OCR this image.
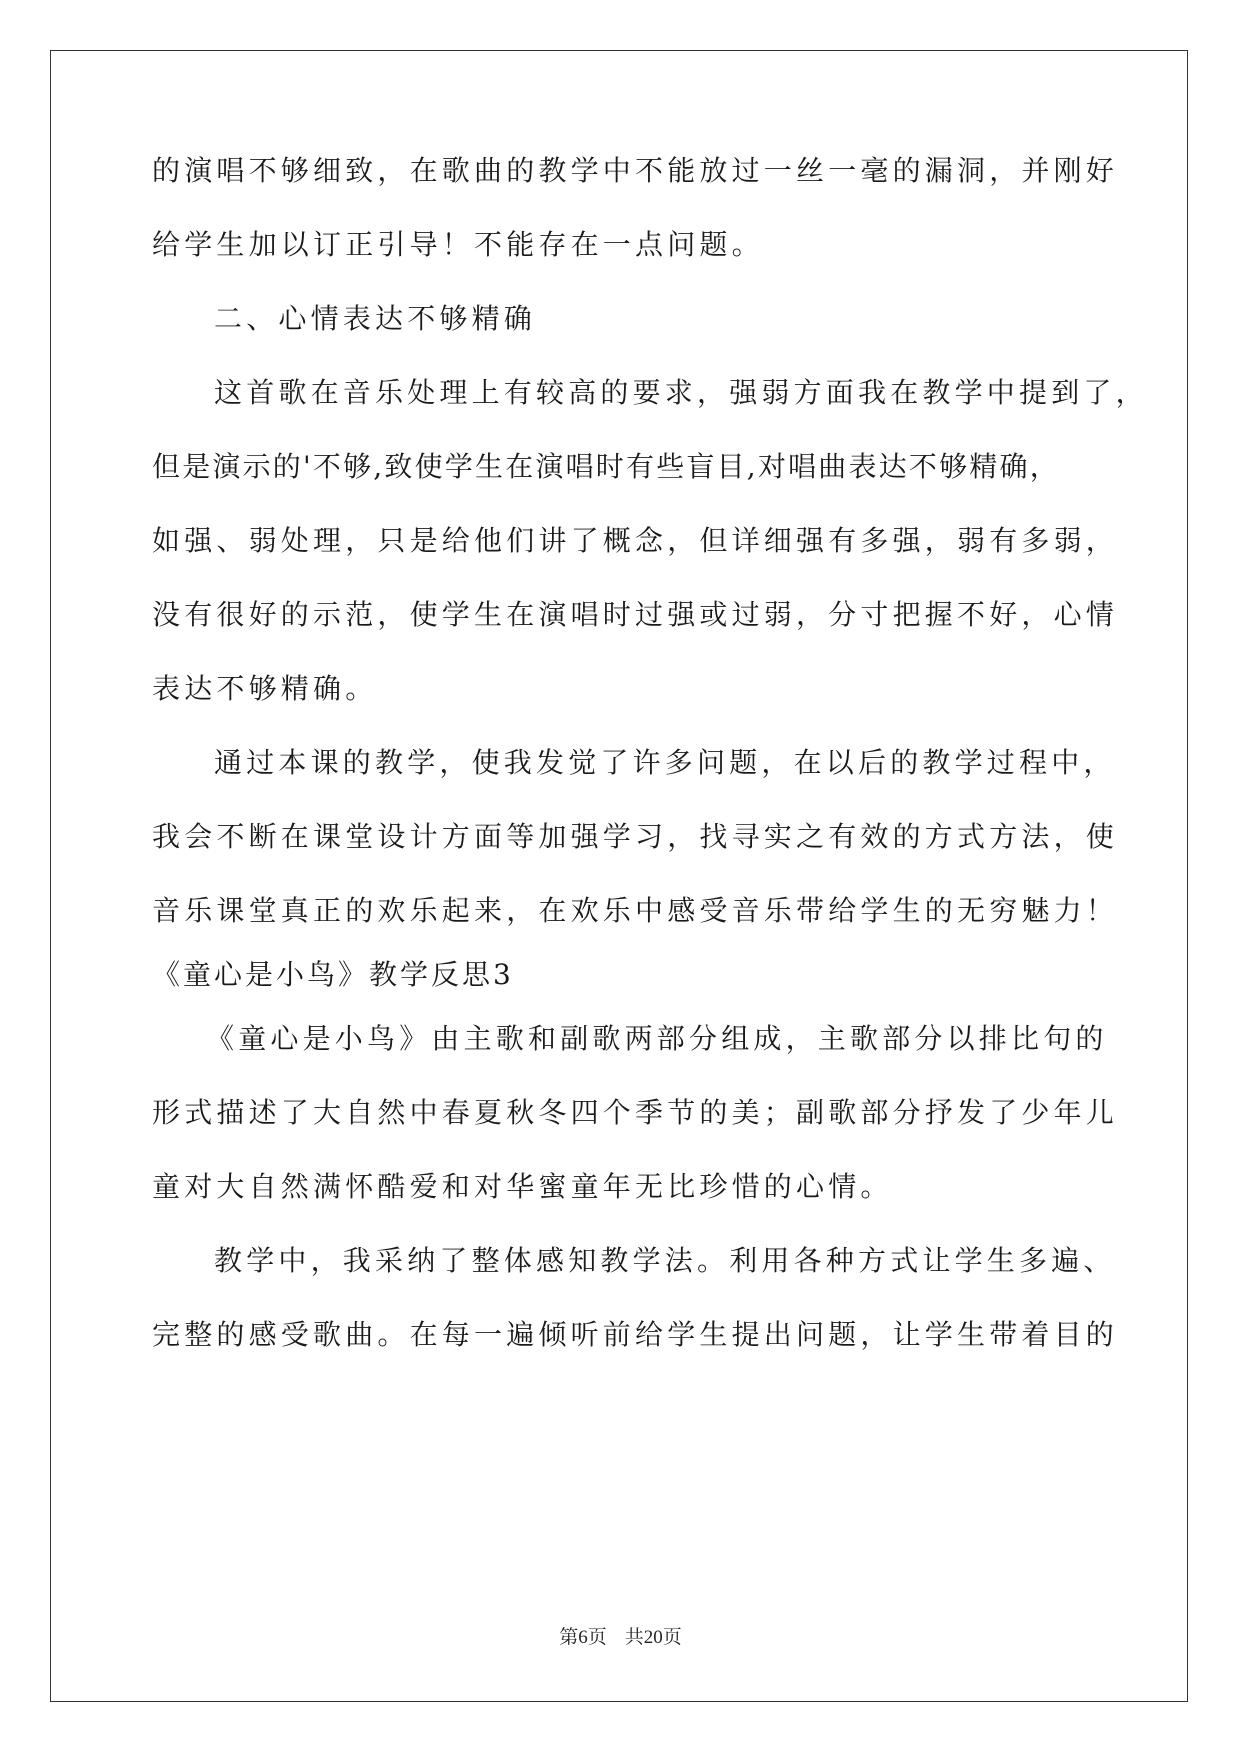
的演唱不够细致，在歌曲的教学中不能放过一丝一毫的漏洞，并刚好
给学生加以订正引导！不能存在一点问题。
二、心情表达不够精确
这首歌在音乐处理上有较高的要求，强弱方面我在教学中提到了，
但是演示的'不够,致使学生在演唱时有些盲目,对唱曲表达不够精确，
如强、弱处理，只是给他们讲了概念，但详细强有多强，弱有多弱，
没有很好的示范，使学生在演唱时过强或过弱，分寸把握不好，心情
表达不够精确。
通过本课的教学，使我发觉了许多问题，在以后的教学过程中，
我会不断在课堂设计方面等加强学习，找寻实之有效的方式方法，使
音乐课堂真正的欢乐起来，在欢乐中感受音乐带给学生的无穷魅力！
《童心是小鸟》教学反思3
《童心是小鸟》由主歌和副歌两部分组成，主歌部分以排比句的
形式描述了大自然中春夏秋冬四个季节的美；副歌部分抒发了少年儿
童对大自然满怀酷爱和对华蜜童年无比珍惜的心情。
教学中，我采纳了整体感知教学法。利用各种方式让学生多遍、
完整的感受歌曲。在每一遍倾听前给学生提出问题，让学生带着目的
第6页 共20页
